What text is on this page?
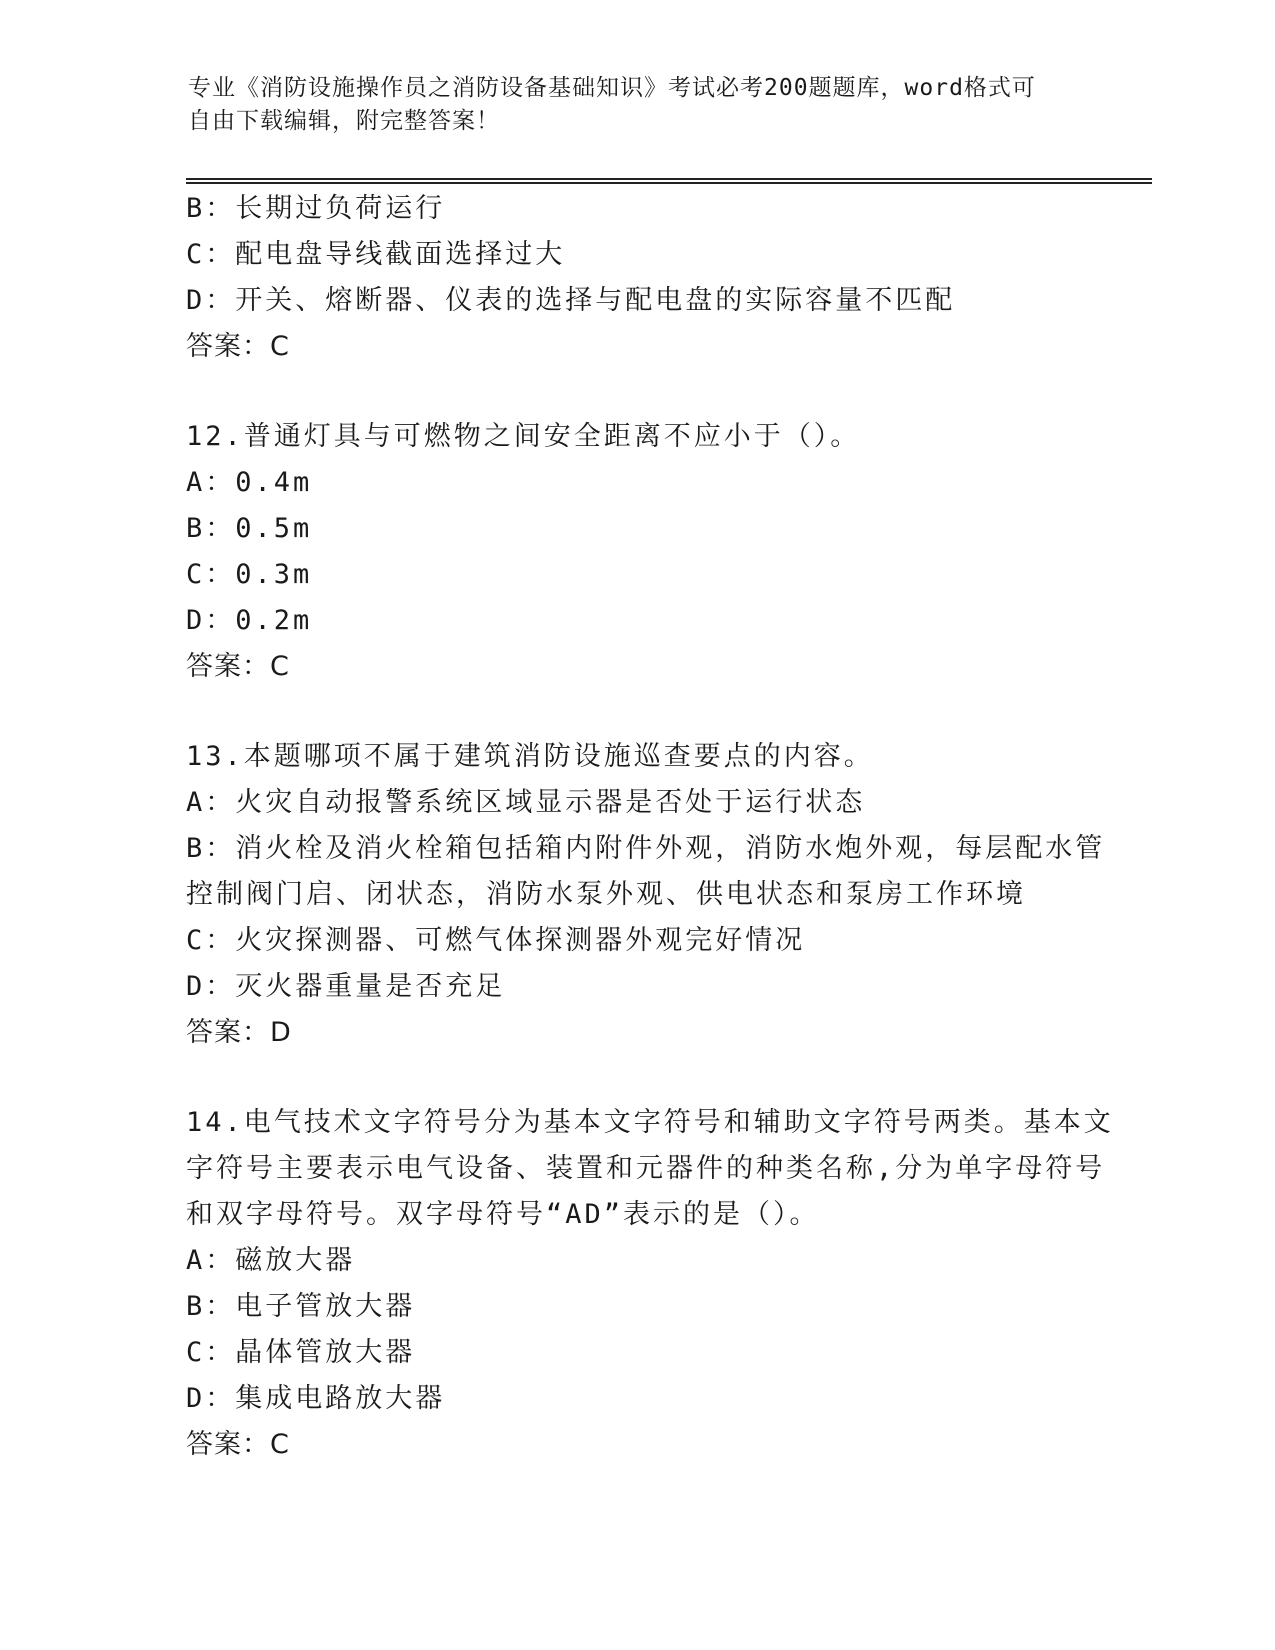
专业《消防设施操作员之消防设备基础知识》考试必考200题题库，word格式可
自由下载编辑，附完整答案！
B：长期过负荷运行
C：配电盘导线截面选择过大
D：开关、熔断器、仪表的选择与配电盘的实际容量不匹配
答案：C
12.普通灯具与可燃物之间安全距离不应小于（）。
A：0.4m
B：0.5m
C：0.3m
D：0.2m
答案：C
13.本题哪项不属于建筑消防设施巡查要点的内容。
A：火灾自动报警系统区域显示器是否处于运行状态
B：消火栓及消火栓箱包括箱内附件外观，消防水炮外观，每层配水管
控制阀门启、闭状态，消防水泵外观、供电状态和泵房工作环境
C：火灾探测器、可燃气体探测器外观完好情况
D：灭火器重量是否充足
答案：D
14.电气技术文字符号分为基本文字符号和辅助文字符号两类。基本文
字符号主要表示电气设备、装置和元器件的种类名称,分为单字母符号
和双字母符号。双字母符号“AD”表示的是（）。
A：磁放大器
B：电子管放大器
C：晶体管放大器
D：集成电路放大器
答案：C
